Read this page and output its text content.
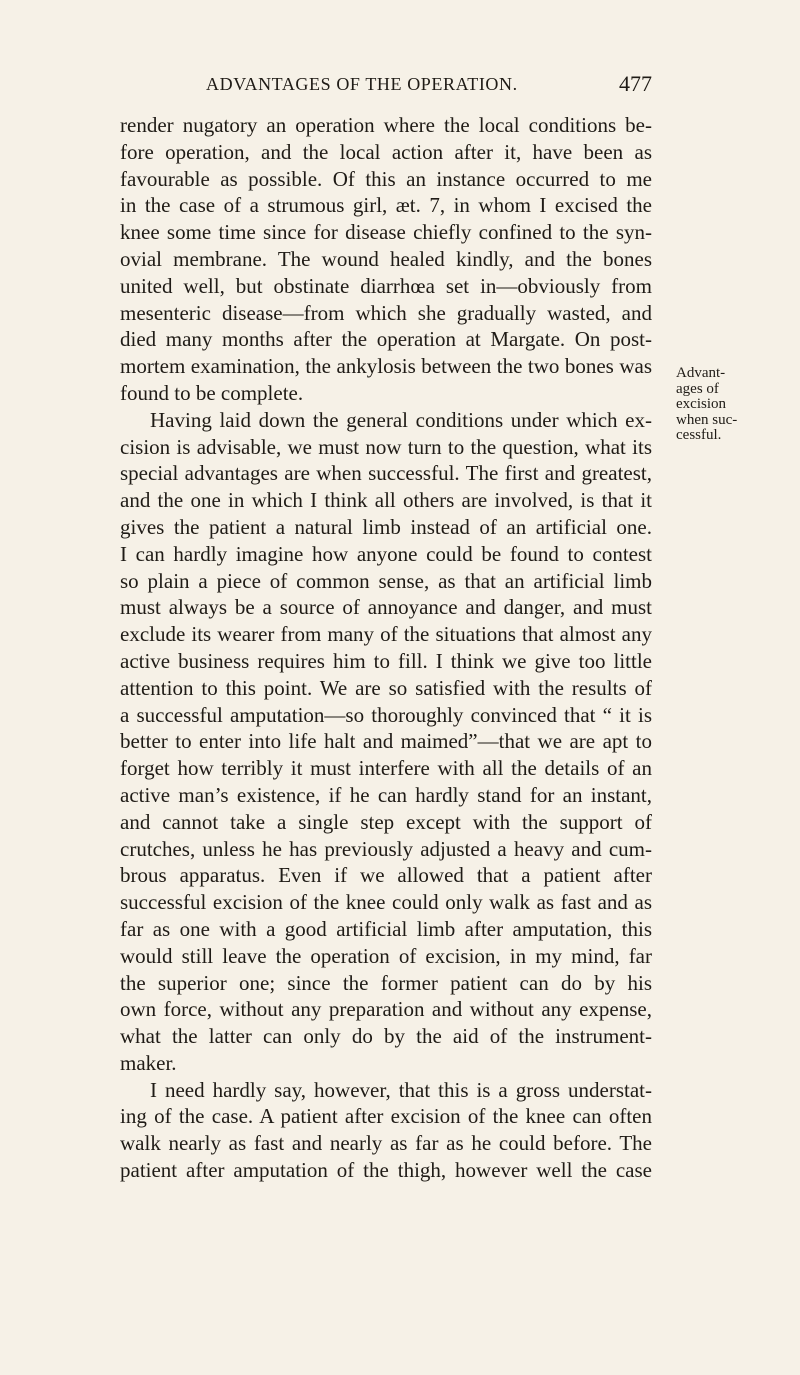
ADVANTAGES OF THE OPERATION.	477
render nugatory an operation where the local conditions be-
fore operation, and the local action after it, have been as
favourable as possible. Of this an instance occurred to me
in the case of a strumous girl, æt. 7, in whom I excised the
knee some time since for disease chiefly confined to the syn-
ovial membrane. The wound healed kindly, and the bones
united well, but obstinate diarrhœa set in—obviously from
mesenteric disease—from which she gradually wasted, and
died many months after the operation at Margate. On post-
mortem examination, the ankylosis between the two bones was
found to be complete.
Having laid down the general conditions under which ex-
cision is advisable, we must now turn to the question, what its
special advantages are when successful. The first and greatest,
and the one in which I think all others are involved, is that it
gives the patient a natural limb instead of an artificial one.
I can hardly imagine how anyone could be found to contest
so plain a piece of common sense, as that an artificial limb
must always be a source of annoyance and danger, and must
exclude its wearer from many of the situations that almost any
active business requires him to fill. I think we give too little
attention to this point. We are so satisfied with the results of
a successful amputation—so thoroughly convinced that “ it is
better to enter into life halt and maimed”—that we are apt to
forget how terribly it must interfere with all the details of an
active man’s existence, if he can hardly stand for an instant,
and cannot take a single step except with the support of
crutches, unless he has previously adjusted a heavy and cum-
brous apparatus. Even if we allowed that a patient after
successful excision of the knee could only walk as fast and as
far as one with a good artificial limb after amputation, this
would still leave the operation of excision, in my mind, far
the superior one; since the former patient can do by his
own force, without any preparation and without any expense,
what the latter can only do by the aid of the instrument-
maker.
I need hardly say, however, that this is a gross understat-
ing of the case. A patient after excision of the knee can often
walk nearly as fast and nearly as far as he could before. The
patient after amputation of the thigh, however well the case
Advant-
ages of
excision
when suc-
cessful.
